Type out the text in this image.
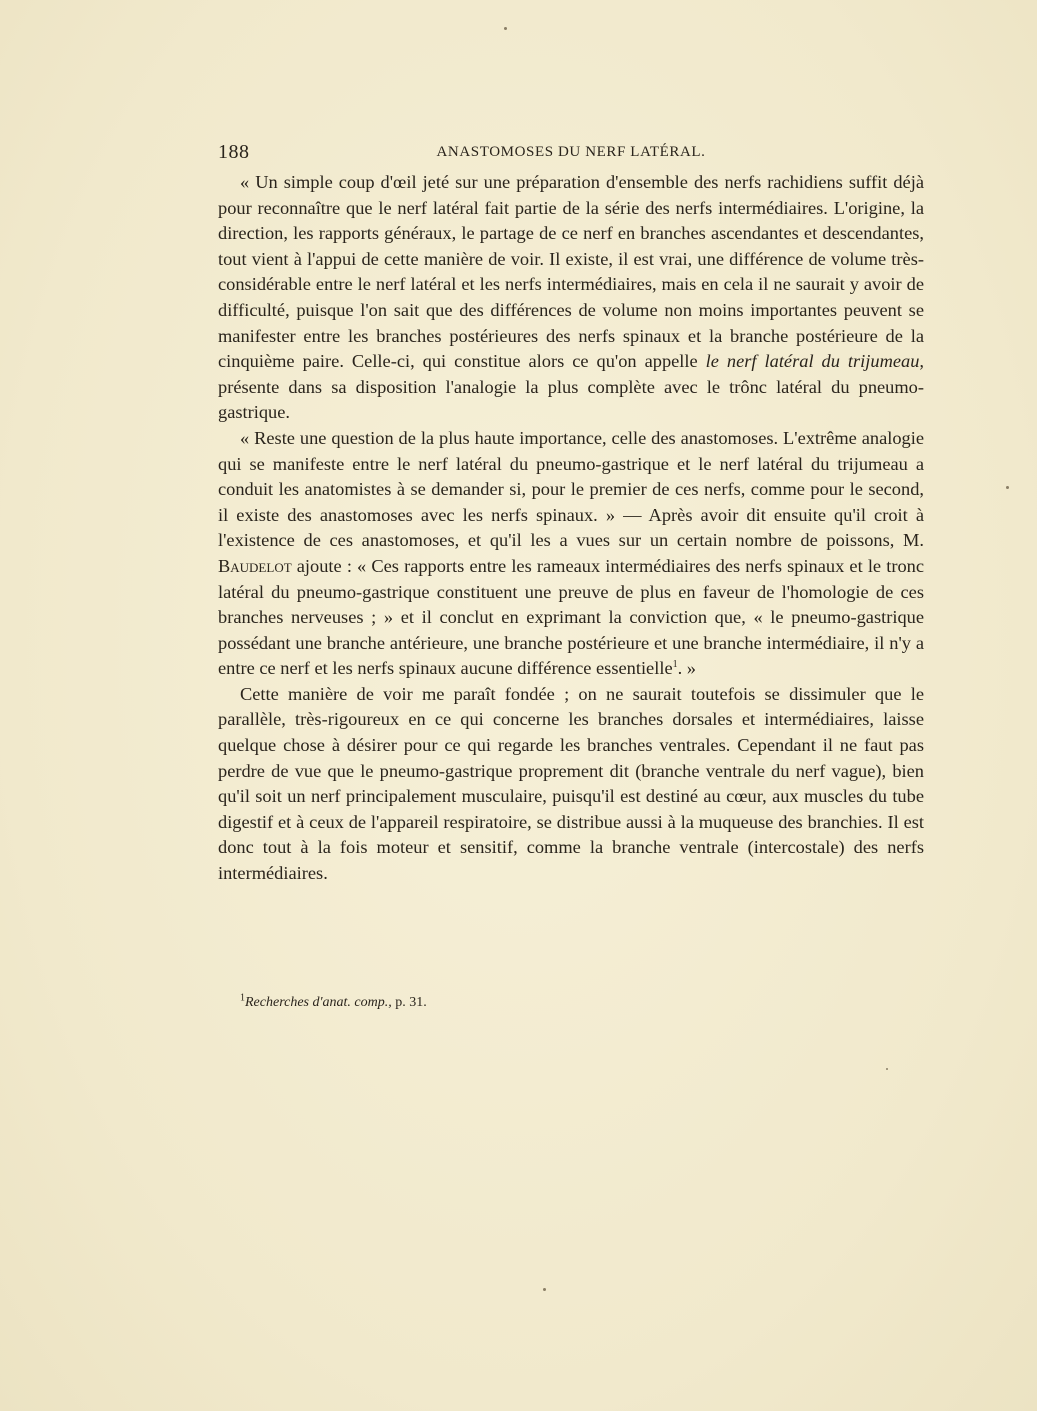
188	ANASTOMOSES DU NERF LATÉRAL.

« Un simple coup d'œil jeté sur une préparation d'ensemble des nerfs rachidiens suffit déjà pour reconnaître que le nerf latéral fait partie de la série des nerfs intermédiaires. L'origine, la direction, les rapports généraux, le partage de ce nerf en branches ascendantes et descendantes, tout vient à l'appui de cette manière de voir. Il existe, il est vrai, une différence de volume très-considérable entre le nerf latéral et les nerfs intermédiaires, mais en cela il ne saurait y avoir de difficulté, puisque l'on sait que des différences de volume non moins importantes peuvent se manifester entre les branches postérieures des nerfs spinaux et la branche postérieure de la cinquième paire. Celle-ci, qui constitue alors ce qu'on appelle le nerf latéral du trijumeau, présente dans sa disposition l'analogie la plus complète avec le trônc latéral du pneumo-gastrique.

« Reste une question de la plus haute importance, celle des anastomoses. L'extrême analogie qui se manifeste entre le nerf latéral du pneumo-gastrique et le nerf latéral du trijumeau a conduit les anatomistes à se demander si, pour le premier de ces nerfs, comme pour le second, il existe des anastomoses avec les nerfs spinaux. » — Après avoir dit ensuite qu'il croit à l'existence de ces anastomoses, et qu'il les a vues sur un certain nombre de poissons, M. Baudelot ajoute : « Ces rapports entre les rameaux intermédiaires des nerfs spinaux et le tronc latéral du pneumo-gastrique constituent une preuve de plus en faveur de l'homologie de ces branches nerveuses ; » et il conclut en exprimant la conviction que, « le pneumo-gastrique possédant une branche antérieure, une branche postérieure et une branche intermédiaire, il n'y a entre ce nerf et les nerfs spinaux aucune différence essentielle$^1$. »

Cette manière de voir me paraît fondée ; on ne saurait toutefois se dissimuler que le parallèle, très-rigoureux en ce qui concerne les branches dorsales et intermédiaires, laisse quelque chose à désirer pour ce qui regarde les branches ventrales. Cependant il ne faut pas perdre de vue que le pneumo-gastrique proprement dit (branche ventrale du nerf vague), bien qu'il soit un nerf principalement musculaire, puisqu'il est destiné au cœur, aux muscles du tube digestif et à ceux de l'appareil respiratoire, se distribue aussi à la muqueuse des branchies. Il est donc tout à la fois moteur et sensitif, comme la branche ventrale (intercostale) des nerfs intermédiaires.

$^1$Recherches d'anat. comp., p. 31.
